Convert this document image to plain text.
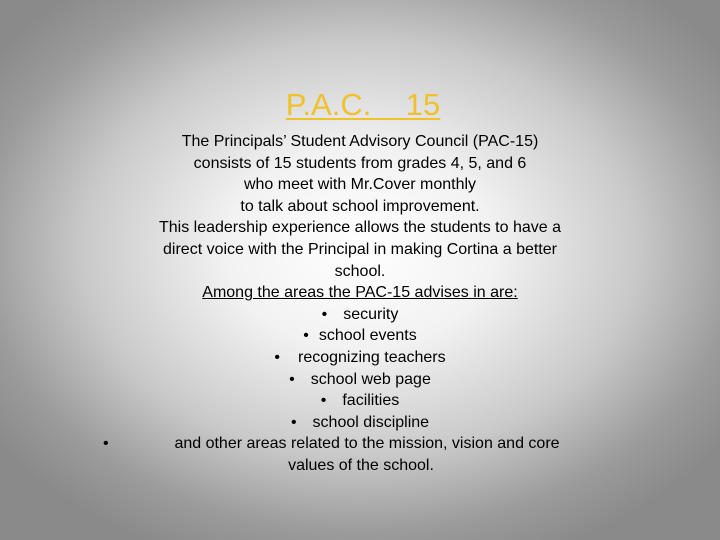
P.A.C.    15
The Principals’ Student Advisory Council (PAC-15)
consists of 15 students from grades 4, 5, and 6
who meet with Mr.Cover monthly
to talk about school improvement.
This leadership experience allows the students to have a
direct voice with the Principal in making Cortina a better
school.
Among the areas the PAC-15 advises in are:
• security
• school events
• recognizing teachers
• school web page
• facilities
• school discipline
•	and other areas related to the mission, vision and core
values of the school.
